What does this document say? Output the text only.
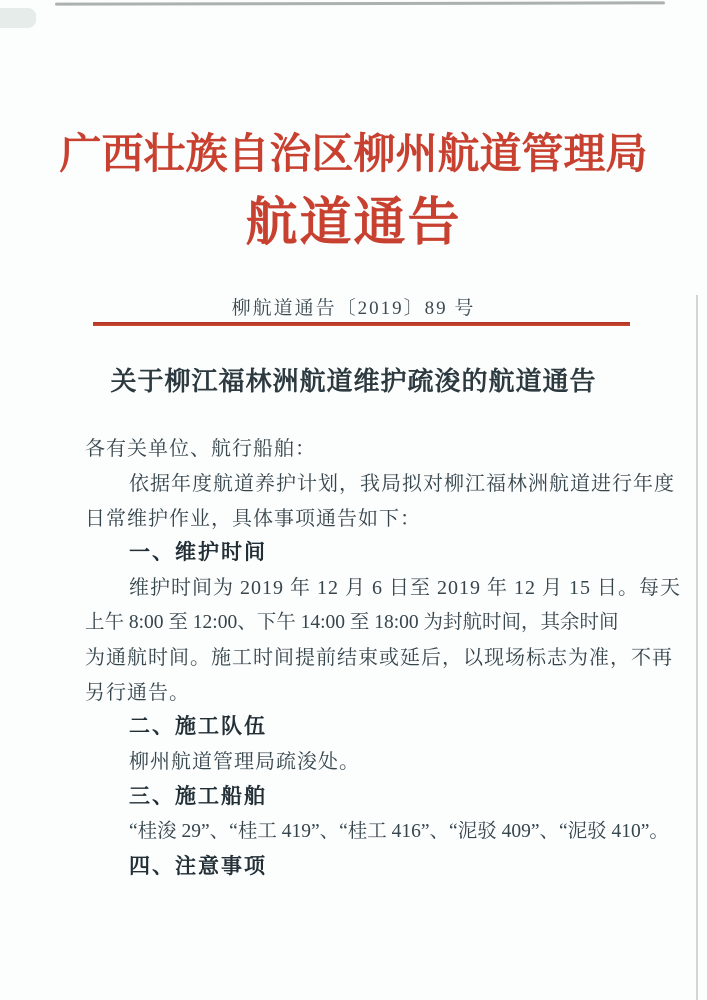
广西壮族自治区柳州航道管理局
航道通告
柳航道通告〔2019〕89 号
关于柳江福林洲航道维护疏浚的航道通告
各有关单位、航行船舶：
依据年度航道养护计划，我局拟对柳江福林洲航道进行年度
日常维护作业，具体事项通告如下：
一、维护时间
维护时间为 2019 年 12 月 6 日至 2019 年 12 月 15 日。每天
上午 8:00 至 12:00、下午 14:00 至 18:00 为封航时间，其余时间
为通航时间。施工时间提前结束或延后，以现场标志为准，不再
另行通告。
二、施工队伍
柳州航道管理局疏浚处。
三、施工船舶
“桂浚 29”、“桂工 419”、“桂工 416”、“泥驳 409”、“泥驳 410”。
四、注意事项
